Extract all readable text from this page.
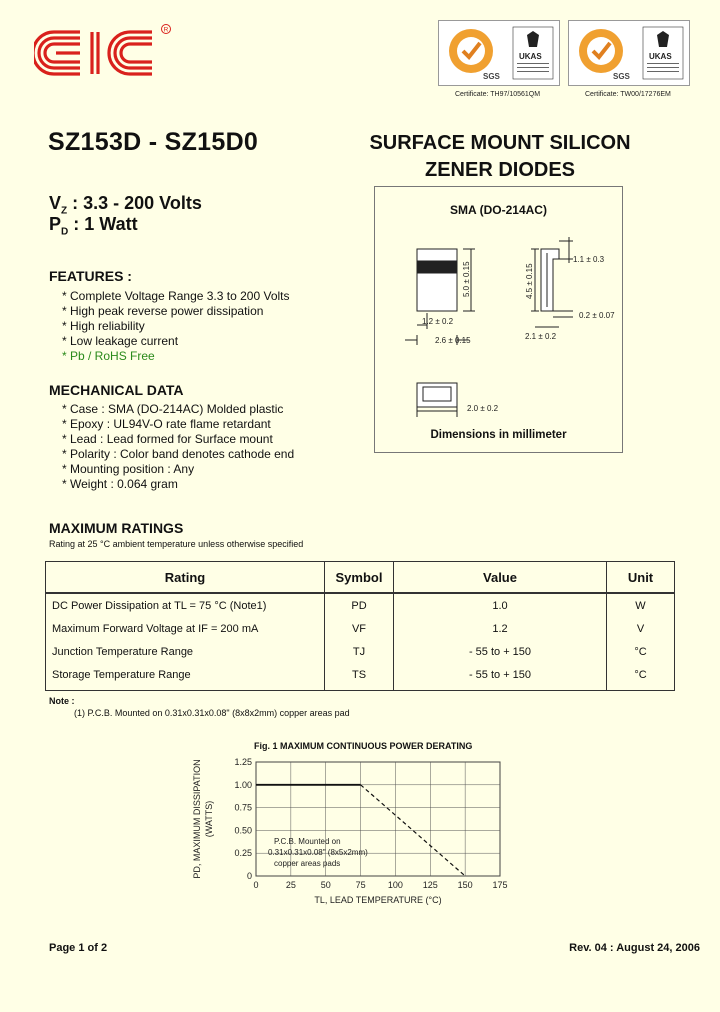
R
SGS
UKAS
Certificate: TH97/10561QM
SGS
UKAS
Certificate: TW00/17276EM
SZ153D - SZ15D0	SURFACE MOUNT SILICON
ZENER DIODES
$V_Z$ : 3.3 - 200 Volts
$P_D$ : 1 Watt
FEATURES :
* Complete Voltage Range 3.3 to 200 Volts
* High peak reverse power dissipation
* High reliability
* Low leakage current
* Pb / RoHS Free
MECHANICAL DATA
* Case : SMA (DO-214AC) Molded plastic
* Epoxy : UL94V-O rate flame retardant
* Lead : Lead formed for Surface mount
* Polarity : Color band denotes cathode end
* Mounting position : Any
* Weight : 0.064 gram
SMA (DO-214AC)
1.2 ± 0.2
2.6 ± 0.15
5.0 ± 0.15	4.5 ± 0.15
1.1 ± 0.3
0.2 ± 0.07
2.1 ± 0.2
2.0 ± 0.2
Dimensions in millimeter
MAXIMUM RATINGS
Rating at 25 °C ambient temperature unless otherwise specified
Rating	Symbol	Value	Unit
DC Power Dissipation at TL = 75 °C (Note1)	PD	1.0	W
Maximum Forward Voltage at IF = 200 mA	VF	1.2	V
Junction Temperature Range	TJ	- 55 to + 150	°C
Storage Temperature Range	TS	- 55 to + 150	°C
Note :
(1) P.C.B. Mounted on 0.31x0.31x0.08" (8x8x2mm) copper areas pad
Fig. 1 MAXIMUM CONTINUOUS POWER DERATING
0	25	50	75 100 125 150 175
0
0.25
0.50
0.75
1.00
1.25
P.C.B. Mounted on
0.31x0.31x0.08" (8x5x2mm)
copper areas pads
TL, LEAD TEMPERATURE (°C)
PD, MAXIMUM DISSIPATION (WATTS)
Page 1 of 2	Rev. 04 : August 24, 2006
